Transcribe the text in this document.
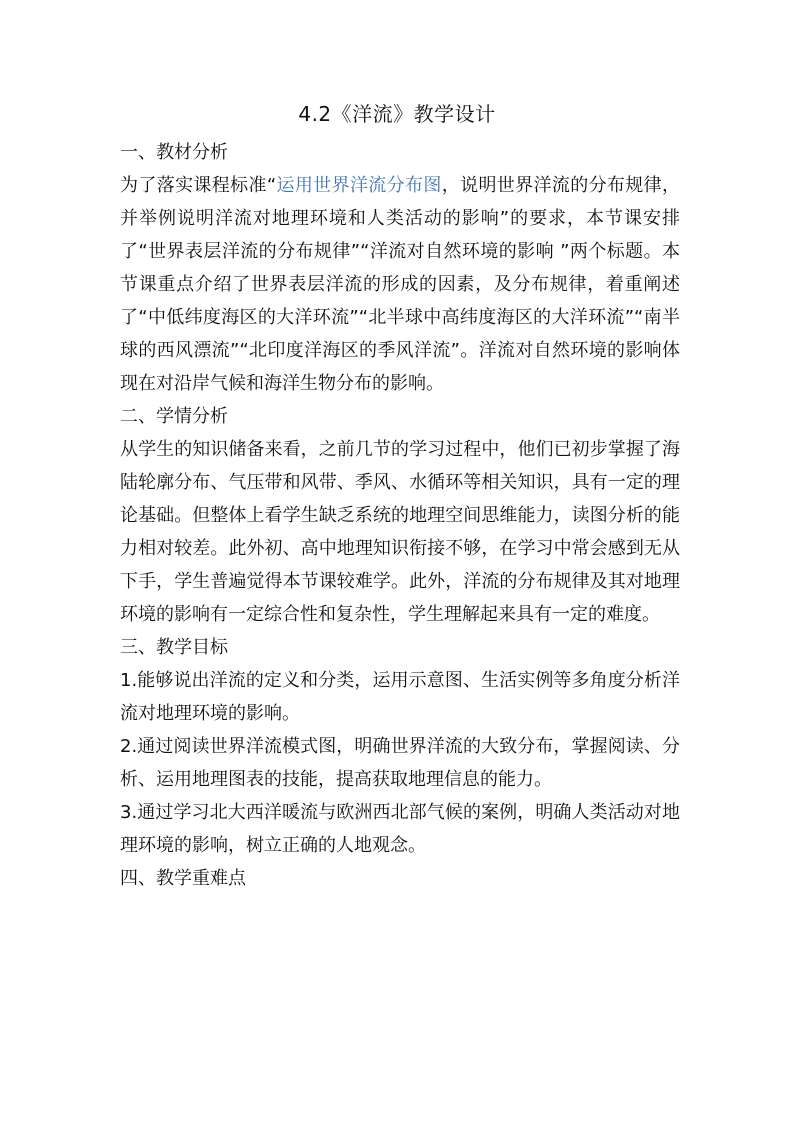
4.2《洋流》教学设计

一、教材分析

为了落实课程标准“运用世界洋流分布图，说明世界洋流的分布规律，并举例说明洋流对地理环境和人类活动的影响”的要求，本节课安排了“世界表层洋流的分布规律”“洋流对自然环境的影响 ”两个标题。本节课重点介绍了世界表层洋流的形成的因素，及分布规律，着重阐述了“中低纬度海区的大洋环流”“北半球中高纬度海区的大洋环流”“南半球的西风漂流”“北印度洋海区的季风洋流”。洋流对自然环境的影响体现在对沿岸气候和海洋生物分布的影响。

二、学情分析

从学生的知识储备来看，之前几节的学习过程中，他们已初步掌握了海陆轮廓分布、气压带和风带、季风、水循环等相关知识，具有一定的理论基础。但整体上看学生缺乏系统的地理空间思维能力，读图分析的能力相对较差。此外初、高中地理知识衔接不够，在学习中常会感到无从下手，学生普遍觉得本节课较难学。此外，洋流的分布规律及其对地理环境的影响有一定综合性和复杂性，学生理解起来具有一定的难度。

三、教学目标

1.能够说出洋流的定义和分类，运用示意图、生活实例等多角度分析洋流对地理环境的影响。

2.通过阅读世界洋流模式图，明确世界洋流的大致分布，掌握阅读、分析、运用地理图表的技能，提高获取地理信息的能力。

3.通过学习北大西洋暖流与欧洲西北部气候的案例，明确人类活动对地理环境的影响，树立正确的人地观念。

四、教学重难点
